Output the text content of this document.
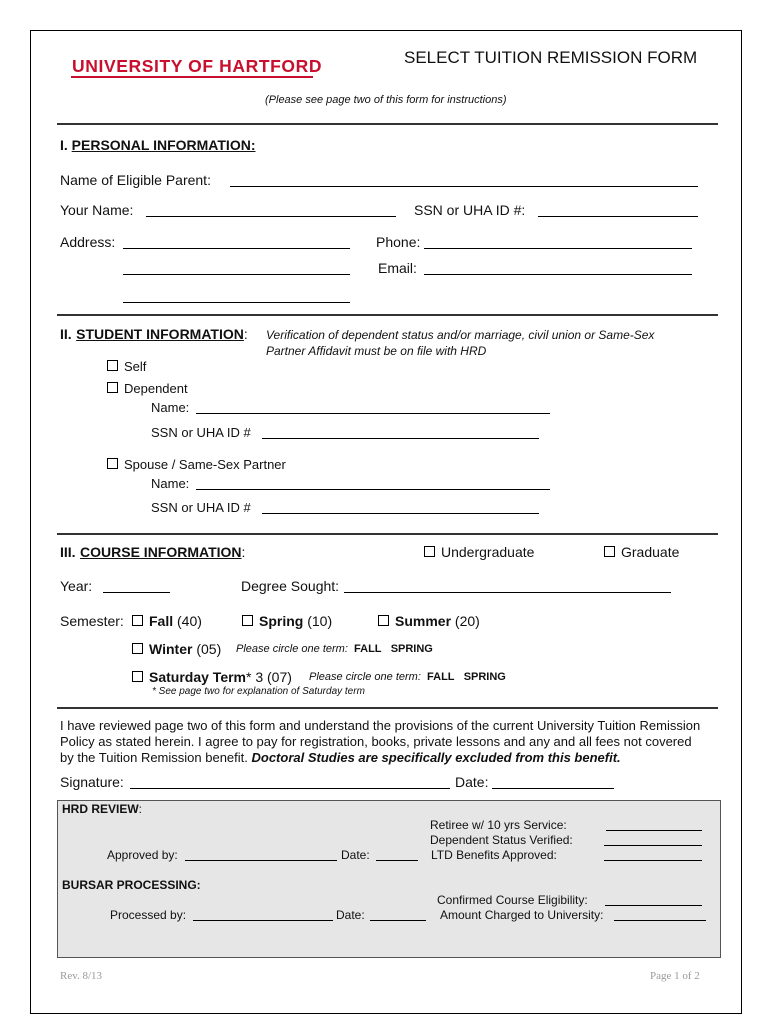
UNIVERSITY OF HARTFORD	SELECT TUITION REMISSION FORM
(Please see page two of this form for instructions)
I. PERSONAL INFORMATION:
Name of Eligible Parent:
Your Name:	SSN or UHA ID #:
Address:	Phone:
Email:
II. STUDENT INFORMATION: Verification of dependent status and/or marriage, civil union or Same-Sex
Partner Affidavit must be on file with HRD
Self
Dependent
Name:
SSN or UHA ID #
Spouse / Same-Sex Partner
Name:
SSN or UHA ID #
III. COURSE INFORMATION:	Undergraduate	Graduate
Year:	Degree Sought:
Semester:	Fall (40)	Spring (10)	Summer (20)
Winter (05) Please circle one term: FALL SPRING
Saturday Term* 3 (07) Please circle one term: FALL SPRING
* See page two for explanation of Saturday term
I have reviewed page two of this form and understand the provisions of the current University Tuition Remission
Policy as stated herein. I agree to pay for registration, books, private lessons and any and all fees not covered
by the Tuition Remission benefit. Doctoral Studies are specifically excluded from this benefit.
Signature:	Date:
HRD REVIEW:
Retiree w/ 10 yrs Service:
Dependent Status Verified:
Approved by:	Date:	LTD Benefits Approved:
BURSAR PROCESSING:
Confirmed Course Eligibility:
Processed by:	Date:	Amount Charged to University:
Rev. 8/13	Page 1 of 2
